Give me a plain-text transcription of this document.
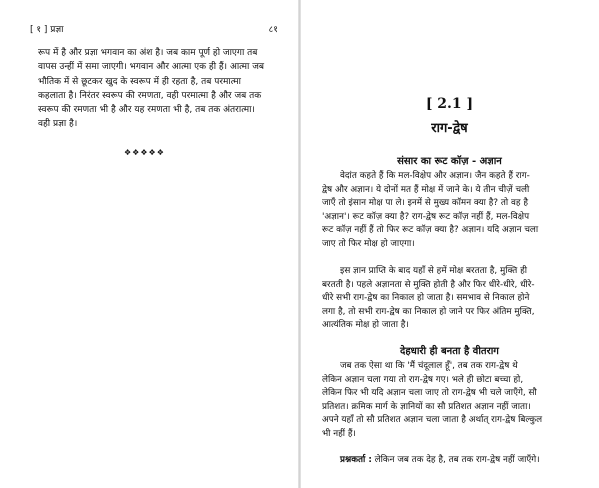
[ १ ] प्रज्ञा	८१

रूप में है और प्रज्ञा भगवान का अंश है। जब काम पूर्ण हो जाएगा तब

वापस उन्हीं में समा जाएगी। भगवान और आत्मा एक ही हैं। आत्मा जब

भौतिक में से छूटकर खुद के स्वरूप में ही रहता है, तब परमात्मा

कहलाता है। निरंतर स्वरूप की रमणता, वही परमात्मा है और जब तक

स्वरूप की रमणता भी है और यह रमणता भी है, तब तक अंतरात्मा।

वही प्रज्ञा है।

❖❖❖❖❖
[ 2.1 ]
राग-द्वेष
संसार का रूट कॉज़ - अज्ञान

वेदांत कहते हैं कि मल-विक्षेप और अज्ञान। जैन कहते हैं राग-

द्वेष और अज्ञान। ये दोनों मत हैं मोक्ष में जाने के। ये तीन चीज़ें चली

जाएँ तो इंसान मोक्ष पा ले। इनमें से मुख्य कॉमन क्या है? तो वह है

'अज्ञान'। रूट कॉज़ क्या है? राग-द्वेष रूट कॉज़ नहीं हैं, मल-विक्षेप

रूट कॉज़ नहीं हैं तो फिर रूट कॉज़ क्या है? अज्ञान। यदि अज्ञान चला

जाए तो फिर मोक्ष हो जाएगा।

इस ज्ञान प्राप्ति के बाद यहाँ से हमें मोक्ष बरतता है, मुक्ति ही

बरतती है। पहले अज्ञानता से मुक्ति होती है और फिर धीरे-धीरे, धीरे-

धीरे सभी राग-द्वेष का निकाल हो जाता है। समभाव से निकाल होने

लगा है, तो सभी राग-द्वेष का निकाल हो जाने पर फिर अंतिम मुक्ति,

आत्यंतिक मोक्ष हो जाता है।

देहधारी ही बनता है वीतराग

जब तक ऐसा था कि 'मैं चंदूलाल हूँ', तब तक राग-द्वेष थे

लेकिन अज्ञान चला गया तो राग-द्वेष गए। भले ही छोटा बच्चा हो,

लेकिन फिर भी यदि अज्ञान चला जाए तो राग-द्वेष भी चले जाएँगे, सौ

प्रतिशत। क्रमिक मार्ग के ज्ञानियों का सौ प्रतिशत अज्ञान नहीं जाता।

अपने यहाँ तो सौ प्रतिशत अज्ञान चला जाता है अर्थात् राग-द्वेष बिल्कुल

भी नहीं हैं।

प्रश्नकर्ता : लेकिन जब तक देह है, तब तक राग-द्वेष नहीं जाएँगे।
